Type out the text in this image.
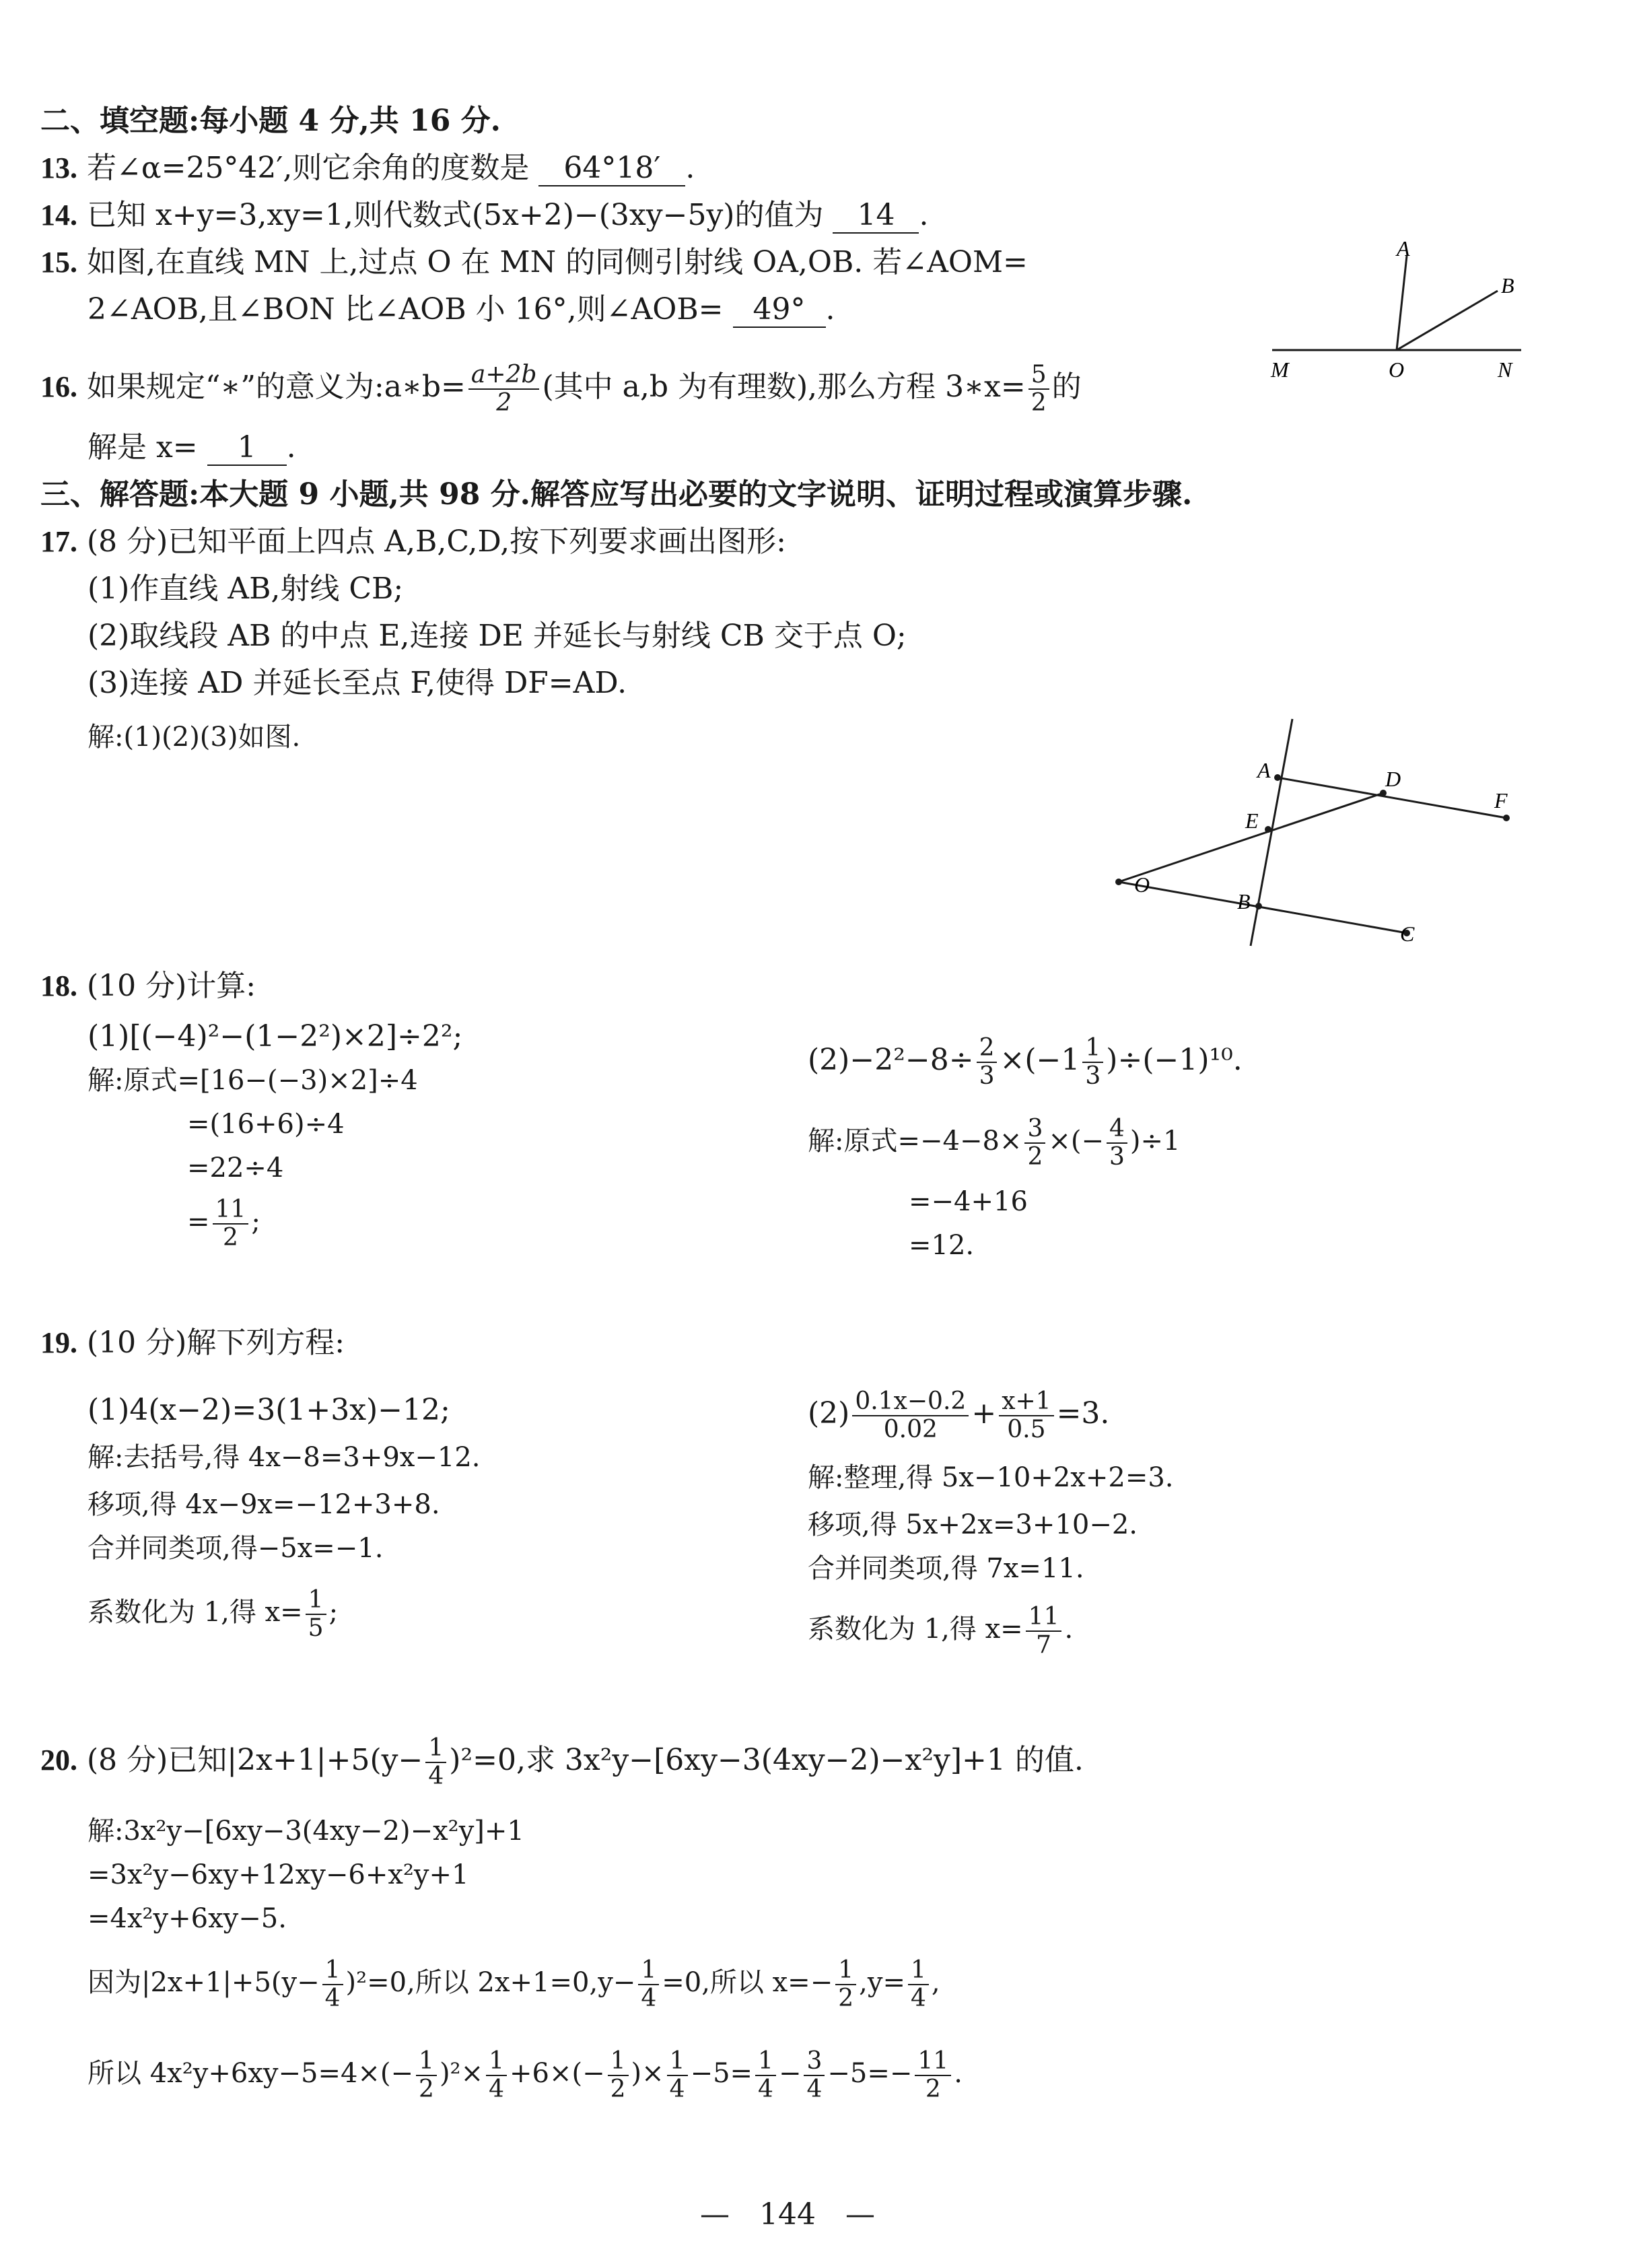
二、填空题:每小题 4 分,共 16 分.
13. 若∠α=25°42′,则它余角的度数是 64°18′ .
14. 已知 x+y=3,xy=1,则代数式(5x+2)−(3xy−5y)的值为 14 .
15. 如图,在直线 MN 上,过点 O 在 MN 的同侧引射线 OA,OB. 若∠AOM=
2∠AOB,且∠BON 比∠AOB 小 16°,则∠AOB= 49° .
16. 如果规定“∗”的意义为:a∗b= $\frac{a+2b}{2}$ (其中 a,b 为有理数),那么方程 3∗x= $\frac{5}{2}$ 的
解是 x= 1 .
A
B
M	O	N
三、解答题:本大题 9 小题,共 98 分.解答应写出必要的文字说明、证明过程或演算步骤.
17. (8 分)已知平面上四点 A,B,C,D,按下列要求画出图形:
(1)作直线 AB,射线 CB;
(2)取线段 AB 的中点 E,连接 DE 并延长与射线 CB 交于点 O;
(3)连接 AD 并延长至点 F,使得 DF=AD.
解:(1)(2)(3)如图.
A	D
F
E
O
B
C
18. (10 分)计算:
(1)[(−4)²−(1−2²)×2]÷2²;
解:原式=[16−(−3)×2]÷4
=(16+6)÷4
=22÷4
= $\frac{11}{2}$ ;
$(2)-2^2-8\div \frac{2}{3} \times(-1 \frac{1}{3} )\div(-1)^{10}$.
解:原式$=-4-8\times \frac{3}{2}$ ×(− $\frac{4}{3} )\div 1$
=−4+16
=12.
19. (10 分)解下列方程:
(1)4(x−2)=3(1+3x)−12;
解:去括号,得 4x−8=3+9x−12.
移项,得 4x−9x=−12+3+8.
合并同类项,得−5x=−1.
系数化为 1,得 $x= \frac{1}{5}$ ;
$(2) \frac{0.1x-0.2}{0.02} + \frac{x+1}{0.5} =3$.
解:整理,得 5x−10+2x+2=3.
移项,得 5x+2x=3+10−2.
合并同类项,得 7x=11.
系数化为 1,得 $x= \frac{11}{7}$ .
20. (8 分)已知$|2x+1|+5(y- \frac{1}{4} )^2=0$,求 3x²y−[6xy−3(4xy−2)−x²y]+1 的值.
解:3x²y−[6xy−3(4xy−2)−x²y]+1
=3x²y−6xy+12xy−6+x²y+1
=4x²y+6xy−5.
因为$|2x+1|+5(y- \frac{1}{4} )^2=0$,所以 $2x+1=0,y- \frac{1}{4} =0$,所以 $x=- \frac{1}{2} ,y= \frac{1}{4}$ ,
所以 $4x^2y+6xy-5=4\times(- \frac{1}{2} )^2\times \frac{1}{4} +6\times(- \frac{1}{2}$ )× $\frac{1}{4} -5= \frac{1}{4} - \frac{3}{4} -5=- \frac{11}{2}$ .
— 144 —
